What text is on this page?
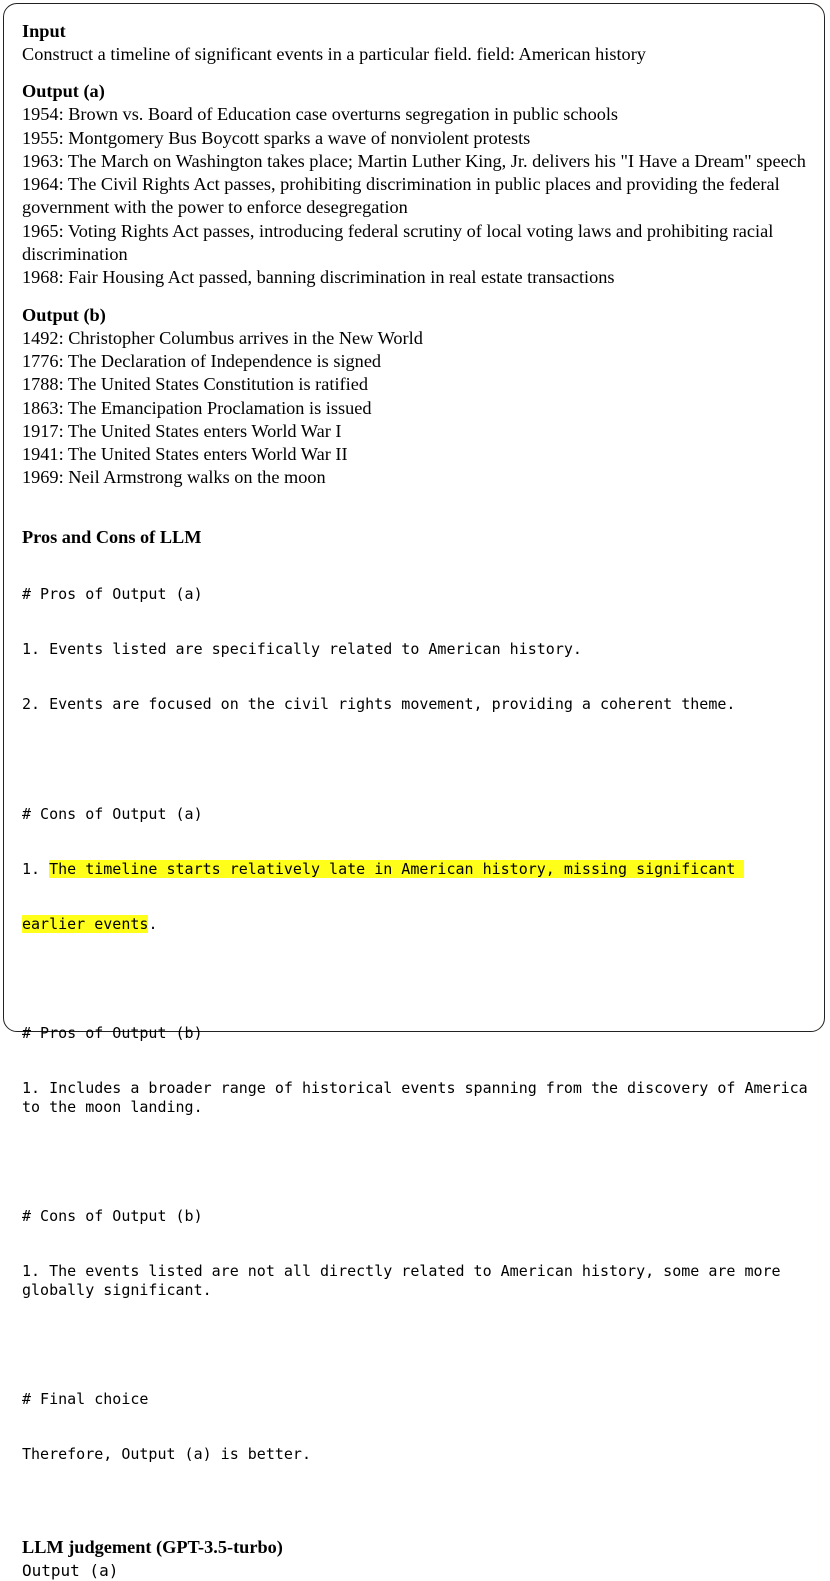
Input
Construct a timeline of significant events in a particular field. field: American history
Output (a)
1954: Brown vs. Board of Education case overturns segregation in public schools
1955: Montgomery Bus Boycott sparks a wave of nonviolent protests
1963: The March on Washington takes place; Martin Luther King, Jr. delivers his "I Have a Dream" speech
1964: The Civil Rights Act passes, prohibiting discrimination in public places and providing the federal government with the power to enforce desegregation
1965: Voting Rights Act passes, introducing federal scrutiny of local voting laws and prohibiting racial discrimination
1968: Fair Housing Act passed, banning discrimination in real estate transactions
Output (b)
1492: Christopher Columbus arrives in the New World
1776: The Declaration of Independence is signed
1788: The United States Constitution is ratified
1863: The Emancipation Proclamation is issued
1917: The United States enters World War I
1941: The United States enters World War II
1969: Neil Armstrong walks on the moon
Pros and Cons of LLM

# Pros of Output (a)

1. Events listed are specifically related to American history.

2. Events are focused on the civil rights movement, providing a coherent theme.

# Cons of Output (a)

1. The timeline starts relatively late in American history, missing significant

earlier events.

# Pros of Output (b)

1. Includes a broader range of historical events spanning from the discovery of America to the moon landing.

# Cons of Output (b)

1. The events listed are not all directly related to American history, some are more globally significant.

# Final choice

Therefore, Output (a) is better.

LLM judgement (GPT-3.5-turbo)
Output (a)
